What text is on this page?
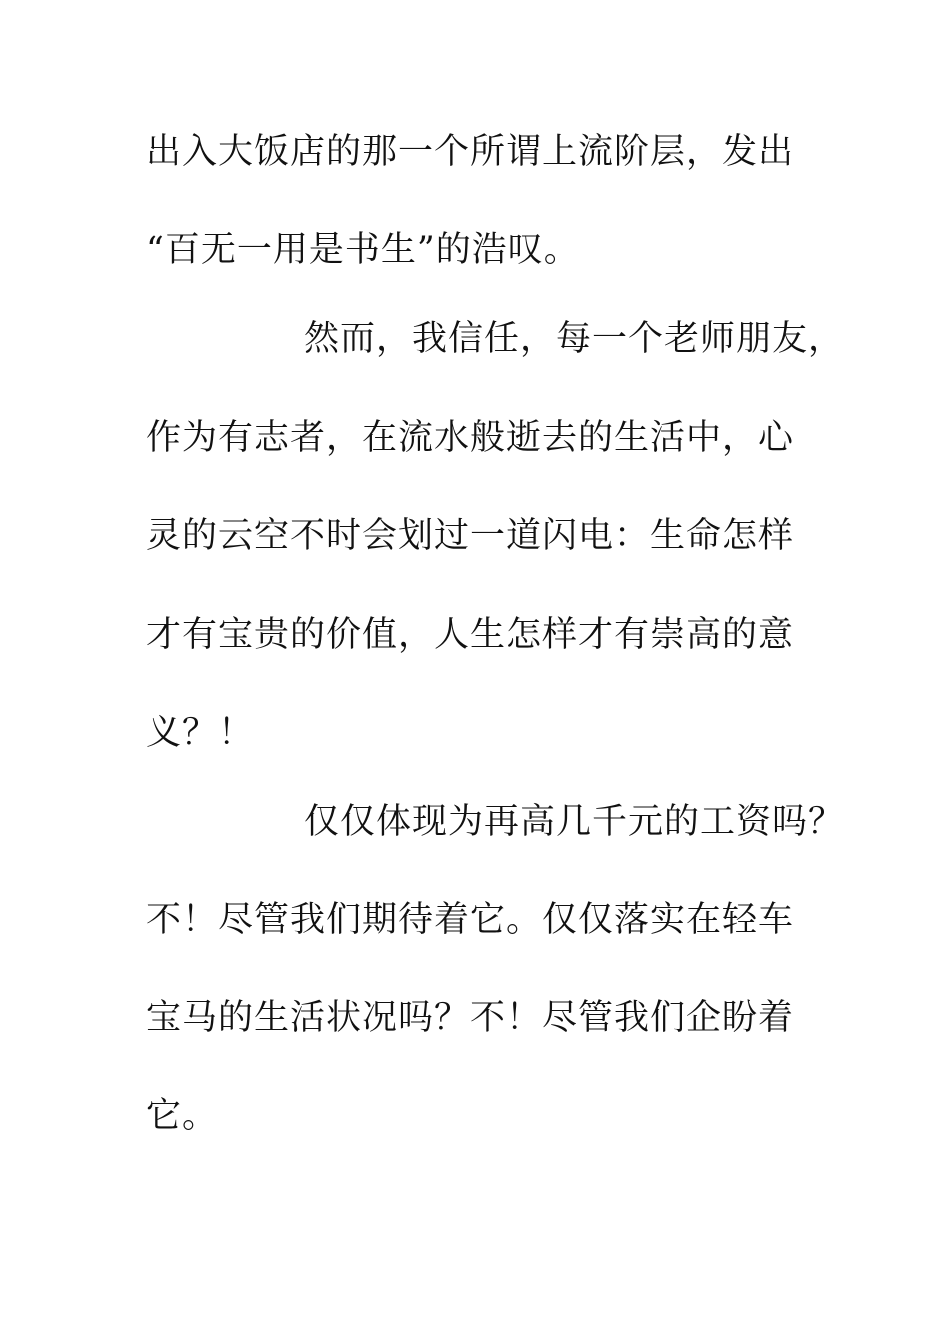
出入大饭店的那一个所谓上流阶层，发出
“百无一用是书生”的浩叹。
然而，我信任，每一个老师朋友，
作为有志者，在流水般逝去的生活中，心
灵的云空不时会划过一道闪电：生命怎样
才有宝贵的价值，人生怎样才有崇高的意
义？！
仅仅体现为再高几千元的工资吗？
不！尽管我们期待着它。仅仅落实在轻车
宝马的生活状况吗？不！尽管我们企盼着
它。
